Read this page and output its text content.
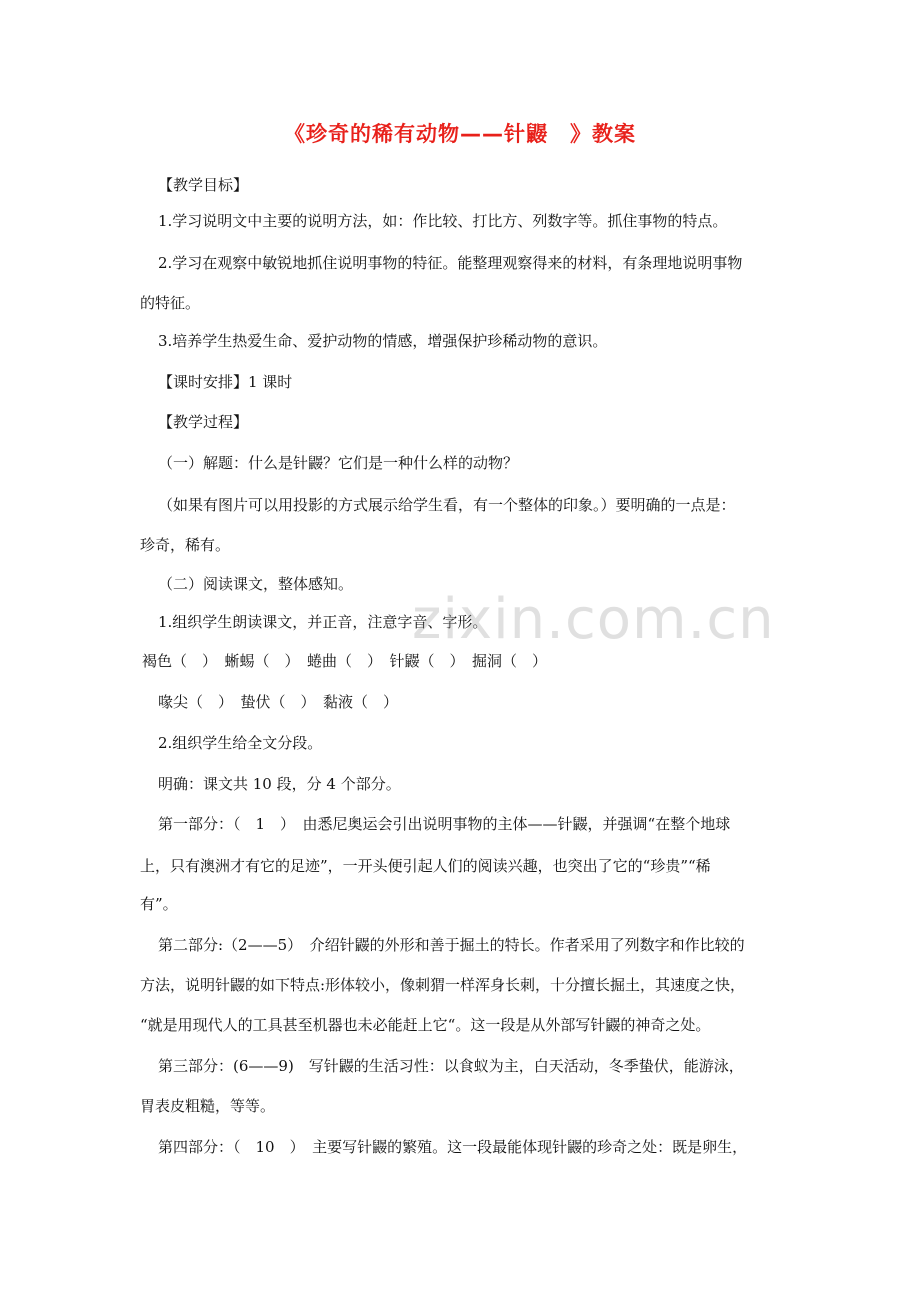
《珍奇的稀有动物——针鼹　》教案
【教学目标】
1.学习说明文中主要的说明方法，如：作比较、打比方、列数字等。抓住事物的特点。
2.学习在观察中敏锐地抓住说明事物的特征。能整理观察得来的材料，有条理地说明事物
的特征。
3.培养学生热爱生命、爱护动物的情感，增强保护珍稀动物的意识。
【课时安排】1 课时
【教学过程】
（一）解题：什么是针鼹？它们是一种什么样的动物？
（如果有图片可以用投影的方式展示给学生看，有一个整体的印象。）要明确的一点是：
珍奇，稀有。
（二）阅读课文，整体感知。
1.组织学生朗读课文，并正音，注意字音、字形。
褐色（　）　蜥蜴（　）　蜷曲（　）　针鼹（　）　掘洞（　）
喙尖（　）　蛰伏（　）　黏液（　）
2.组织学生给全文分段。
明确：课文共 10 段，分 4 个部分。
第一部分：（　1　）　由悉尼奥运会引出说明事物的主体——针鼹，并强调“在整个地球
上，只有澳洲才有它的足迹”，一开头便引起人们的阅读兴趣，也突出了它的“珍贵”“稀
有”。
第二部分:（2——5）　介绍针鼹的外形和善于掘土的特长。作者采用了列数字和作比较的
方法，说明针鼹的如下特点:形体较小，像刺猬一样浑身长刺，十分擅长掘土，其速度之快，
“就是用现代人的工具甚至机器也未必能赶上它“。这一段是从外部写针鼹的神奇之处。
第三部分：(6——9)　写针鼹的生活习性：以食蚁为主，白天活动，冬季蛰伏，能游泳，
胃表皮粗糙，等等。
第四部分：（　10　）　主要写针鼹的繁殖。这一段最能体现针鼹的珍奇之处：既是卵生，
zixin.com.cn
